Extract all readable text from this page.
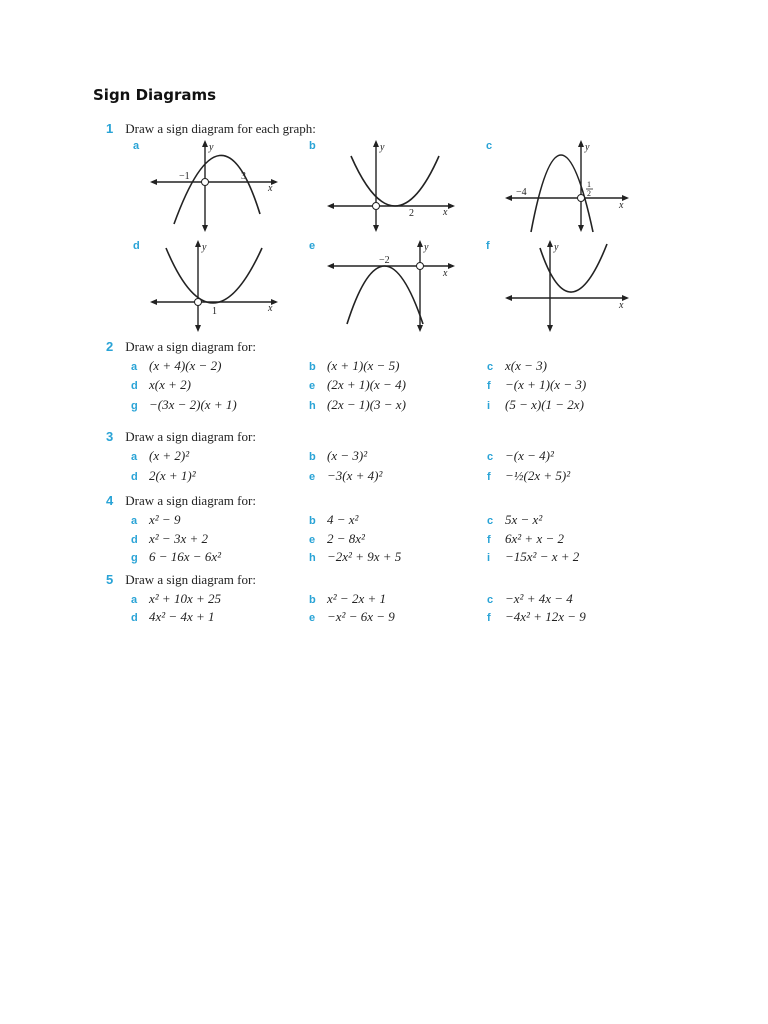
Sign Diagrams
1 Draw a sign diagram for each graph:
a	b	c
d	e	f
x
y
−1	3
x
y
2
x
y
−4
1
2
x
y
1
x
y
−2
x
y
2 Draw a sign diagram for:
a (x + 4)(x − 2)	b (x + 1)(x − 5)	c x(x − 3)
d x(x + 2)	e (2x + 1)(x − 4)	f −(x + 1)(x − 3)
g −(3x − 2)(x + 1)	h (2x − 1)(3 − x)	i (5 − x)(1 − 2x)
3 Draw a sign diagram for:
a (x + 2)²	b (x − 3)²	c −(x − 4)²
d 2(x + 1)²	e −3(x + 4)²	f −½(2x + 5)²
4 Draw a sign diagram for:
a x² − 9	b 4 − x²	c 5x − x²
d x² − 3x + 2	e 2 − 8x²	f 6x² + x − 2
g 6 − 16x − 6x²	h −2x² + 9x + 5	i −15x² − x + 2
5 Draw a sign diagram for:
a x² + 10x + 25	b x² − 2x + 1	c −x² + 4x − 4
d 4x² − 4x + 1	e −x² − 6x − 9	f −4x² + 12x − 9
